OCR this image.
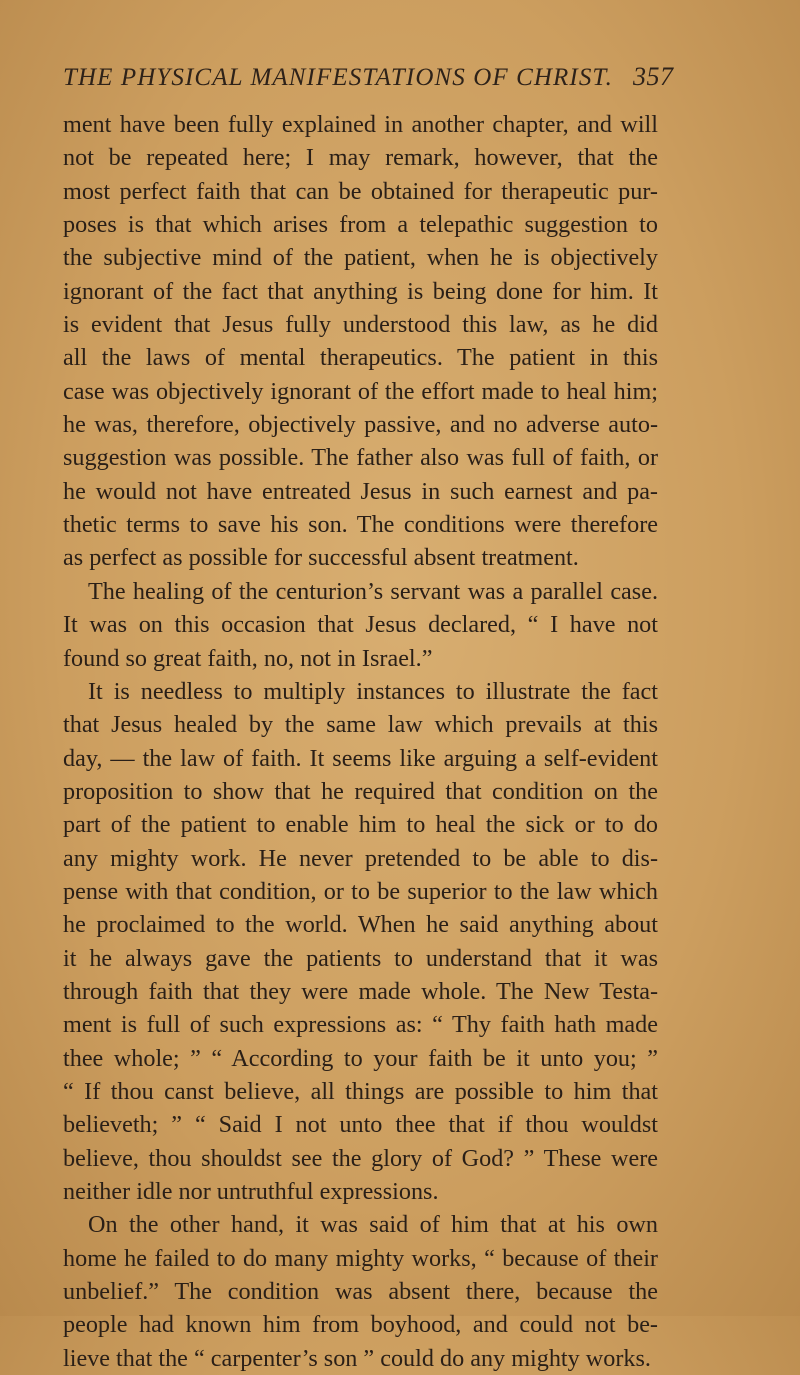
THE PHYSICAL MANIFESTATIONS OF CHRIST. 357
ment have been fully explained in another chapter, and will
not be repeated here; I may remark, however, that the
most perfect faith that can be obtained for therapeutic pur-
poses is that which arises from a telepathic suggestion to
the subjective mind of the patient, when he is objectively
ignorant of the fact that anything is being done for him. It
is evident that Jesus fully understood this law, as he did
all the laws of mental therapeutics. The patient in this
case was objectively ignorant of the effort made to heal him;
he was, therefore, objectively passive, and no adverse auto-
suggestion was possible. The father also was full of faith, or
he would not have entreated Jesus in such earnest and pa-
thetic terms to save his son. The conditions were therefore
as perfect as possible for successful absent treatment.
The healing of the centurion’s servant was a parallel case.
It was on this occasion that Jesus declared, “ I have not
found so great faith, no, not in Israel.”
It is needless to multiply instances to illustrate the fact
that Jesus healed by the same law which prevails at this
day, — the law of faith. It seems like arguing a self-evident
proposition to show that he required that condition on the
part of the patient to enable him to heal the sick or to do
any mighty work. He never pretended to be able to dis-
pense with that condition, or to be superior to the law which
he proclaimed to the world. When he said anything about
it he always gave the patients to understand that it was
through faith that they were made whole. The New Testa-
ment is full of such expressions as: “ Thy faith hath made
thee whole; ” “ According to your faith be it unto you; ”
“ If thou canst believe, all things are possible to him that
believeth; ” “ Said I not unto thee that if thou wouldst
believe, thou shouldst see the glory of God? ” These were
neither idle nor untruthful expressions.
On the other hand, it was said of him that at his own
home he failed to do many mighty works, “ because of their
unbelief.” The condition was absent there, because the
people had known him from boyhood, and could not be-
lieve that the “ carpenter’s son ” could do any mighty works.
